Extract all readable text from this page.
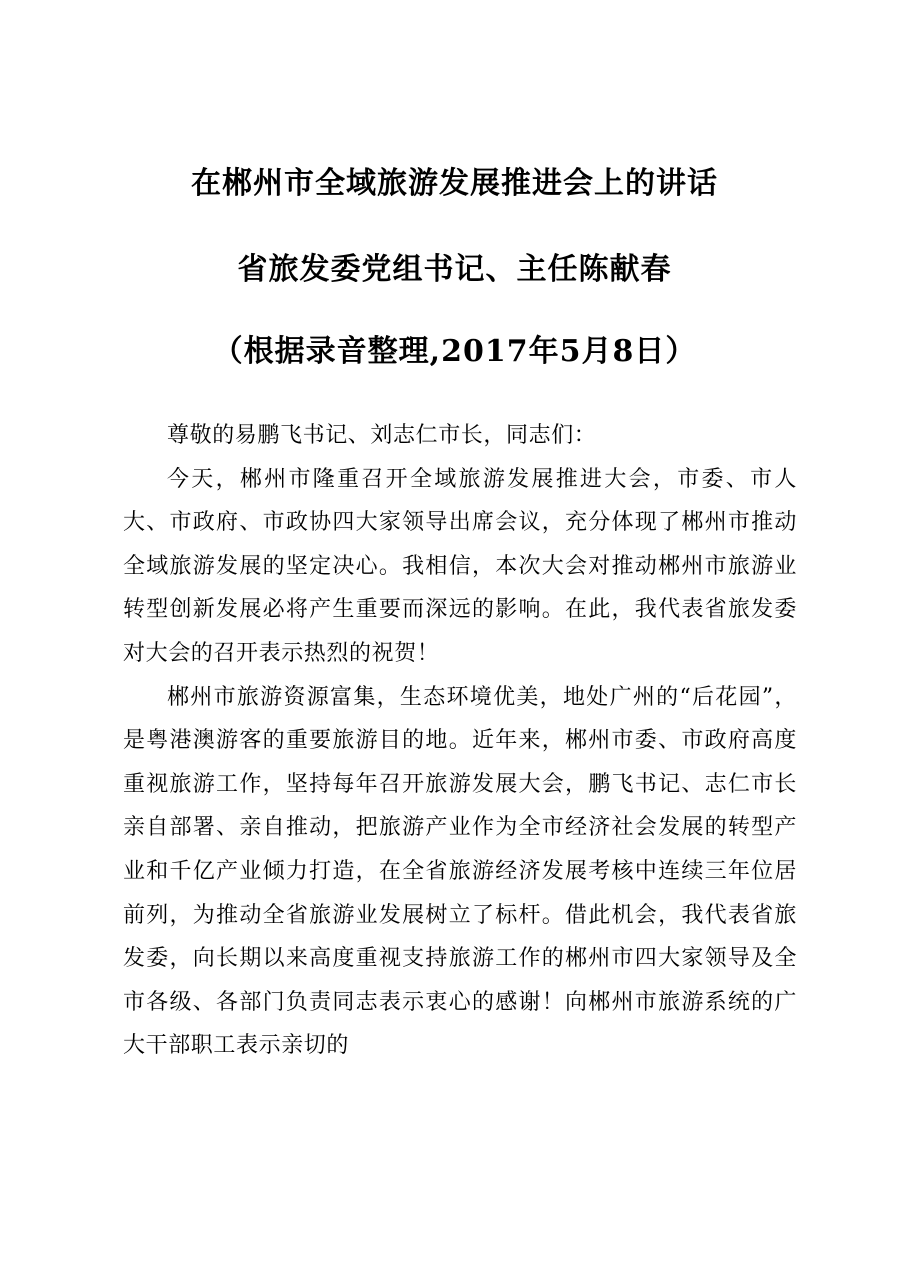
在郴州市全域旅游发展推进会上的讲话
省旅发委党组书记、主任陈献春
（根据录音整理,2017年5月8日）

尊敬的易鹏飞书记、刘志仁市长，同志们：

今天，郴州市隆重召开全域旅游发展推进大会，市委、市人大、市政府、市政协四大家领导出席会议，充分体现了郴州市推动全域旅游发展的坚定决心。我相信，本次大会对推动郴州市旅游业转型创新发展必将产生重要而深远的影响。在此，我代表省旅发委对大会的召开表示热烈的祝贺！

郴州市旅游资源富集，生态环境优美，地处广州的“后花园”，是粤港澳游客的重要旅游目的地。近年来，郴州市委、市政府高度重视旅游工作，坚持每年召开旅游发展大会，鹏飞书记、志仁市长亲自部署、亲自推动，把旅游产业作为全市经济社会发展的转型产业和千亿产业倾力打造，在全省旅游经济发展考核中连续三年位居前列，为推动全省旅游业发展树立了标杆。借此机会，我代表省旅发委，向长期以来高度重视支持旅游工作的郴州市四大家领导及全市各级、各部门负责同志表示衷心的感谢！向郴州市旅游系统的广大干部职工表示亲切的
